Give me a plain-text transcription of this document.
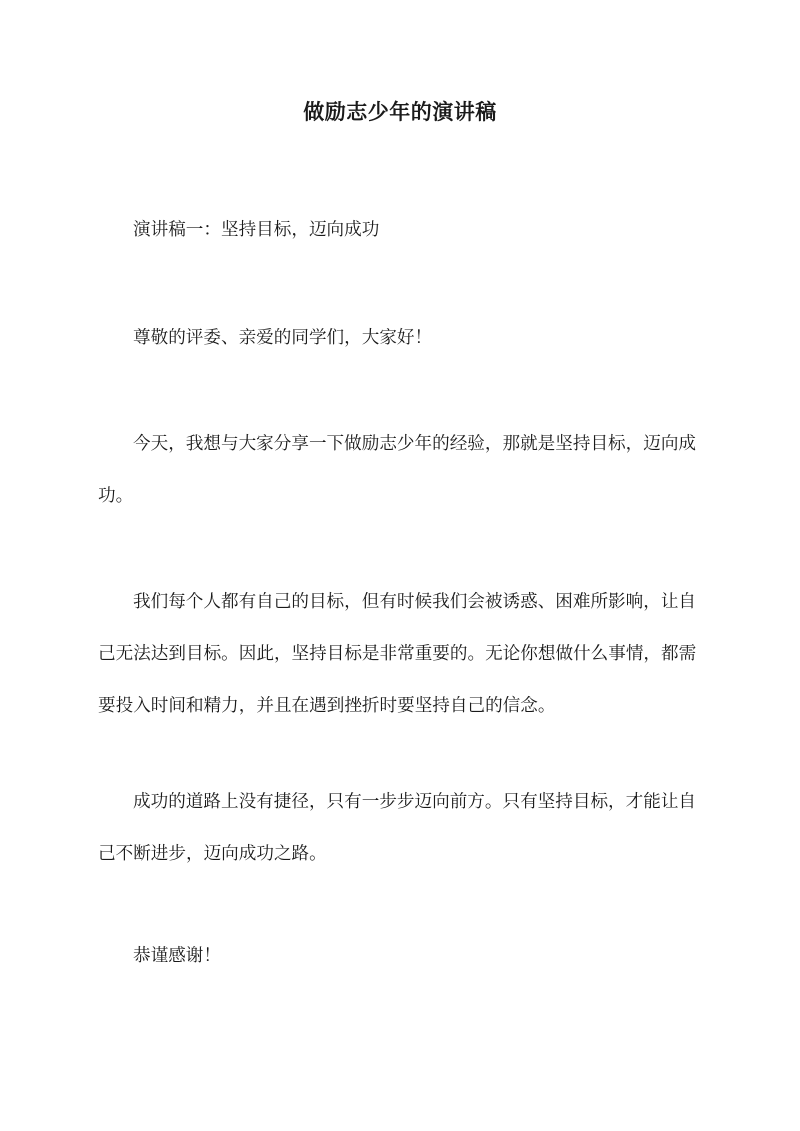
做励志少年的演讲稿

演讲稿一：坚持目标，迈向成功

尊敬的评委、亲爱的同学们，大家好！

今天，我想与大家分享一下做励志少年的经验，那就是坚持目标，迈向成功。

我们每个人都有自己的目标，但有时候我们会被诱惑、困难所影响，让自己无法达到目标。因此，坚持目标是非常重要的。无论你想做什么事情，都需要投入时间和精力，并且在遇到挫折时要坚持自己的信念。

成功的道路上没有捷径，只有一步步迈向前方。只有坚持目标，才能让自己不断进步，迈向成功之路。

恭谨感谢！
